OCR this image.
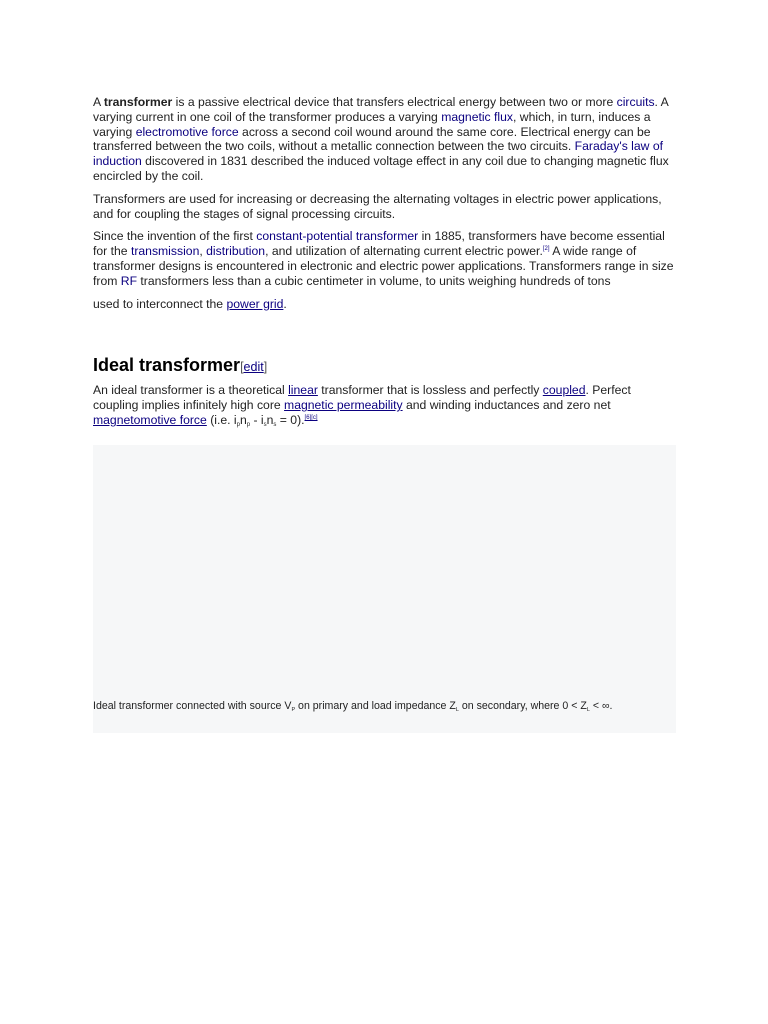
A transformer is a passive electrical device that transfers electrical energy between two or more circuits. A varying current in one coil of the transformer produces a varying magnetic flux, which, in turn, induces a varying electromotive force across a second coil wound around the same core. Electrical energy can be transferred between the two coils, without a metallic connection between the two circuits. Faraday's law of induction discovered in 1831 described the induced voltage effect in any coil due to changing magnetic flux encircled by the coil.

Transformers are used for increasing or decreasing the alternating voltages in electric power applications, and for coupling the stages of signal processing circuits.

Since the invention of the first constant-potential transformer in 1885, transformers have become essential for the transmission, distribution, and utilization of alternating current electric power.[2] A wide range of transformer designs is encountered in electronic and electric power applications. Transformers range in size from RF transformers less than a cubic centimeter in volume, to units weighing hundreds of tons

used to interconnect the power grid.

Ideal transformer[edit]

An ideal transformer is a theoretical linear transformer that is lossless and perfectly coupled. Perfect coupling implies infinitely high core magnetic permeability and winding inductances and zero net magnetomotive force (i.e. $i_pn_p - i_sn_s = 0).[6][c]$

Ideal transformer connected with source $V_P$ on primary and load impedance $Z_L$ on secondary, where $0 < Z_L$ < ∞.
